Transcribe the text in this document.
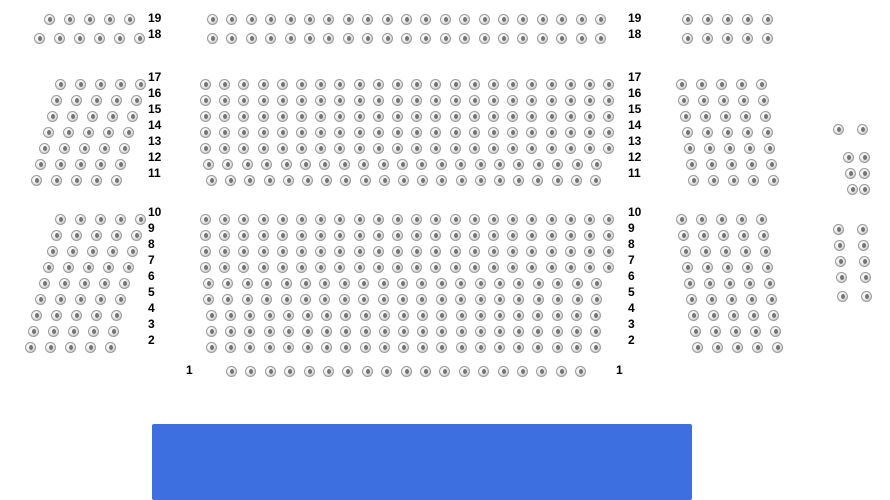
19	19
18	18
17	17
16	16
15	15
14	14
13	13
12	12
11	11
10	10
9	9
8	8
7	7
6	6
5	5
4	4
3	3
2	2
1	1
